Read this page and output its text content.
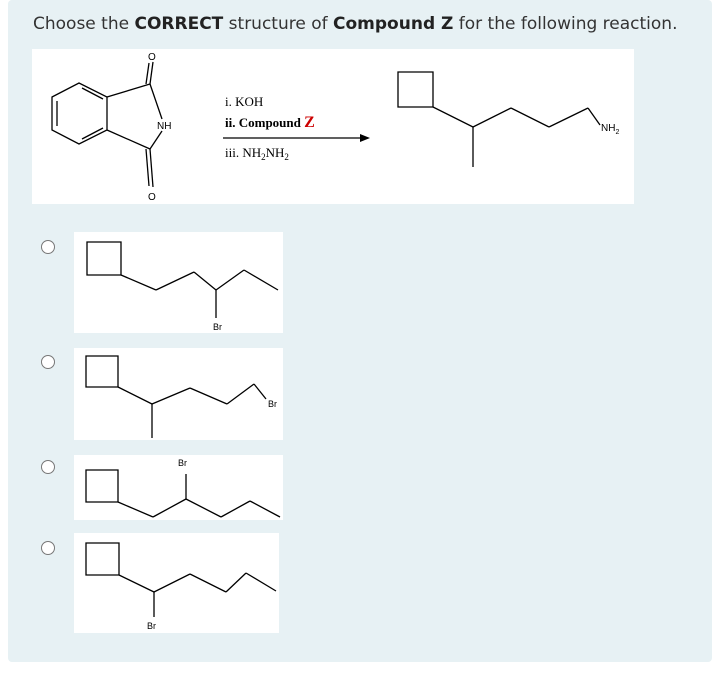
Choose the CORRECT structure of Compound Z for the following reaction.
O
O
NH
i. KOH
ii. Compound Z
iii. $NH_2NH_2$
$NH_2$
Br
Br
Br
Br
